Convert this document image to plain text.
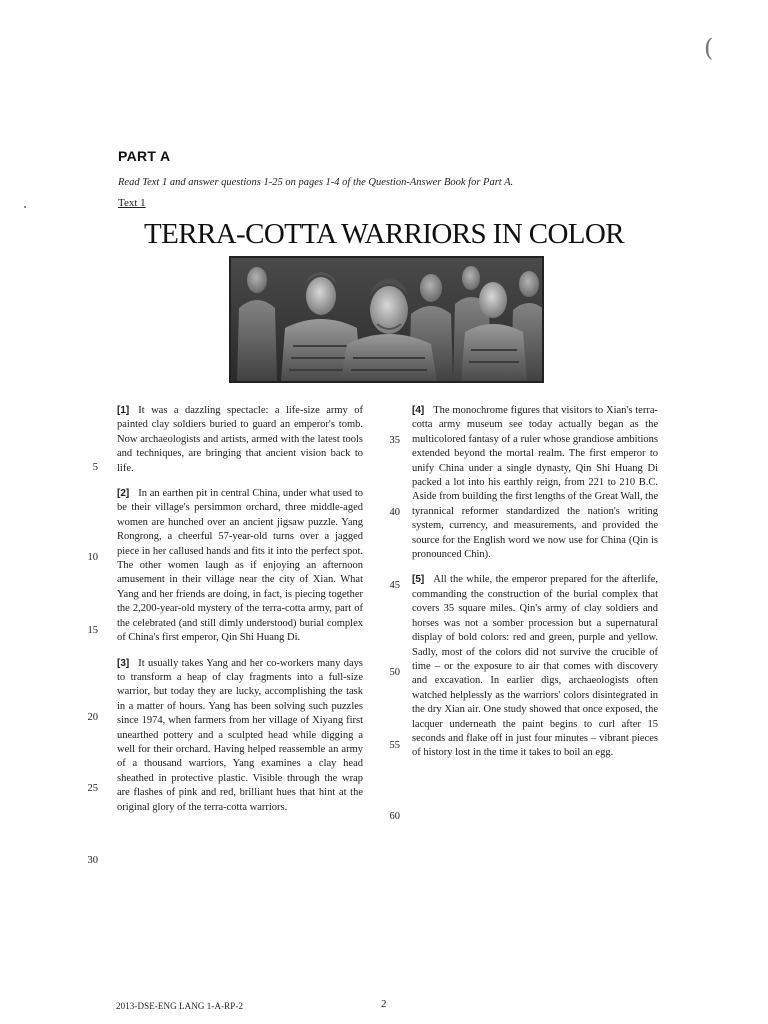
(
PART A
Read Text 1 and answer questions 1-25 on pages 1-4 of the Question-Answer Book for Part A.
Text 1
TERRA-COTTA WARRIORS IN COLOR

[1] It was a dazzling spectacle: a life-size army of painted clay soldiers buried to guard an emperor's tomb. Now archaeologists and artists, armed with the latest tools and techniques, are bringing that ancient vision back to life.

[2] In an earthen pit in central China, under what used to be their village's persimmon orchard, three middle-aged women are hunched over an ancient jigsaw puzzle. Yang Rongrong, a cheerful 57-year-old turns over a jagged piece in her callused hands and fits it into the perfect spot. The other women laugh as if enjoying an afternoon amusement in their village near the city of Xian. What Yang and her friends are doing, in fact, is piecing together the 2,200-year-old mystery of the terra-cotta army, part of the celebrated (and still dimly understood) burial complex of China's first emperor, Qin Shi Huang Di.

[3] It usually takes Yang and her co-workers many days to transform a heap of clay fragments into a full-size warrior, but today they are lucky, accomplishing the task in a matter of hours. Yang has been solving such puzzles since 1974, when farmers from her village of Xiyang first unearthed pottery and a sculpted head while digging a well for their orchard. Having helped reassemble an army of a thousand warriors, Yang examines a clay head sheathed in protective plastic. Visible through the wrap are flashes of pink and red, brilliant hues that hint at the original glory of the terra-cotta warriors.

[4] The monochrome figures that visitors to Xian's terra-cotta army museum see today actually began as the multicolored fantasy of a ruler whose grandiose ambitions extended beyond the mortal realm. The first emperor to unify China under a single dynasty, Qin Shi Huang Di packed a lot into his earthly reign, from 221 to 210 B.C. Aside from building the first lengths of the Great Wall, the tyrannical reformer standardized the nation's writing system, currency, and measurements, and provided the source for the English word we now use for China (Qin is pronounced Chin).

[5] All the while, the emperor prepared for the afterlife, commanding the construction of the burial complex that covers 35 square miles. Qin's army of clay soldiers and horses was not a somber procession but a supernatural display of bold colors: red and green, purple and yellow. Sadly, most of the colors did not survive the crucible of time – or the exposure to air that comes with discovery and excavation. In earlier digs, archaeologists often watched helplessly as the warriors' colors disintegrated in the dry Xian air. One study showed that once exposed, the lacquer underneath the paint begins to curl after 15 seconds and flake off in just four minutes – vibrant pieces of history lost in the time it takes to boil an egg.

5
10
15
20
25
30
35
40
45
50
55
60
2013-DSE-ENG LANG 1-A-RP-2	2
